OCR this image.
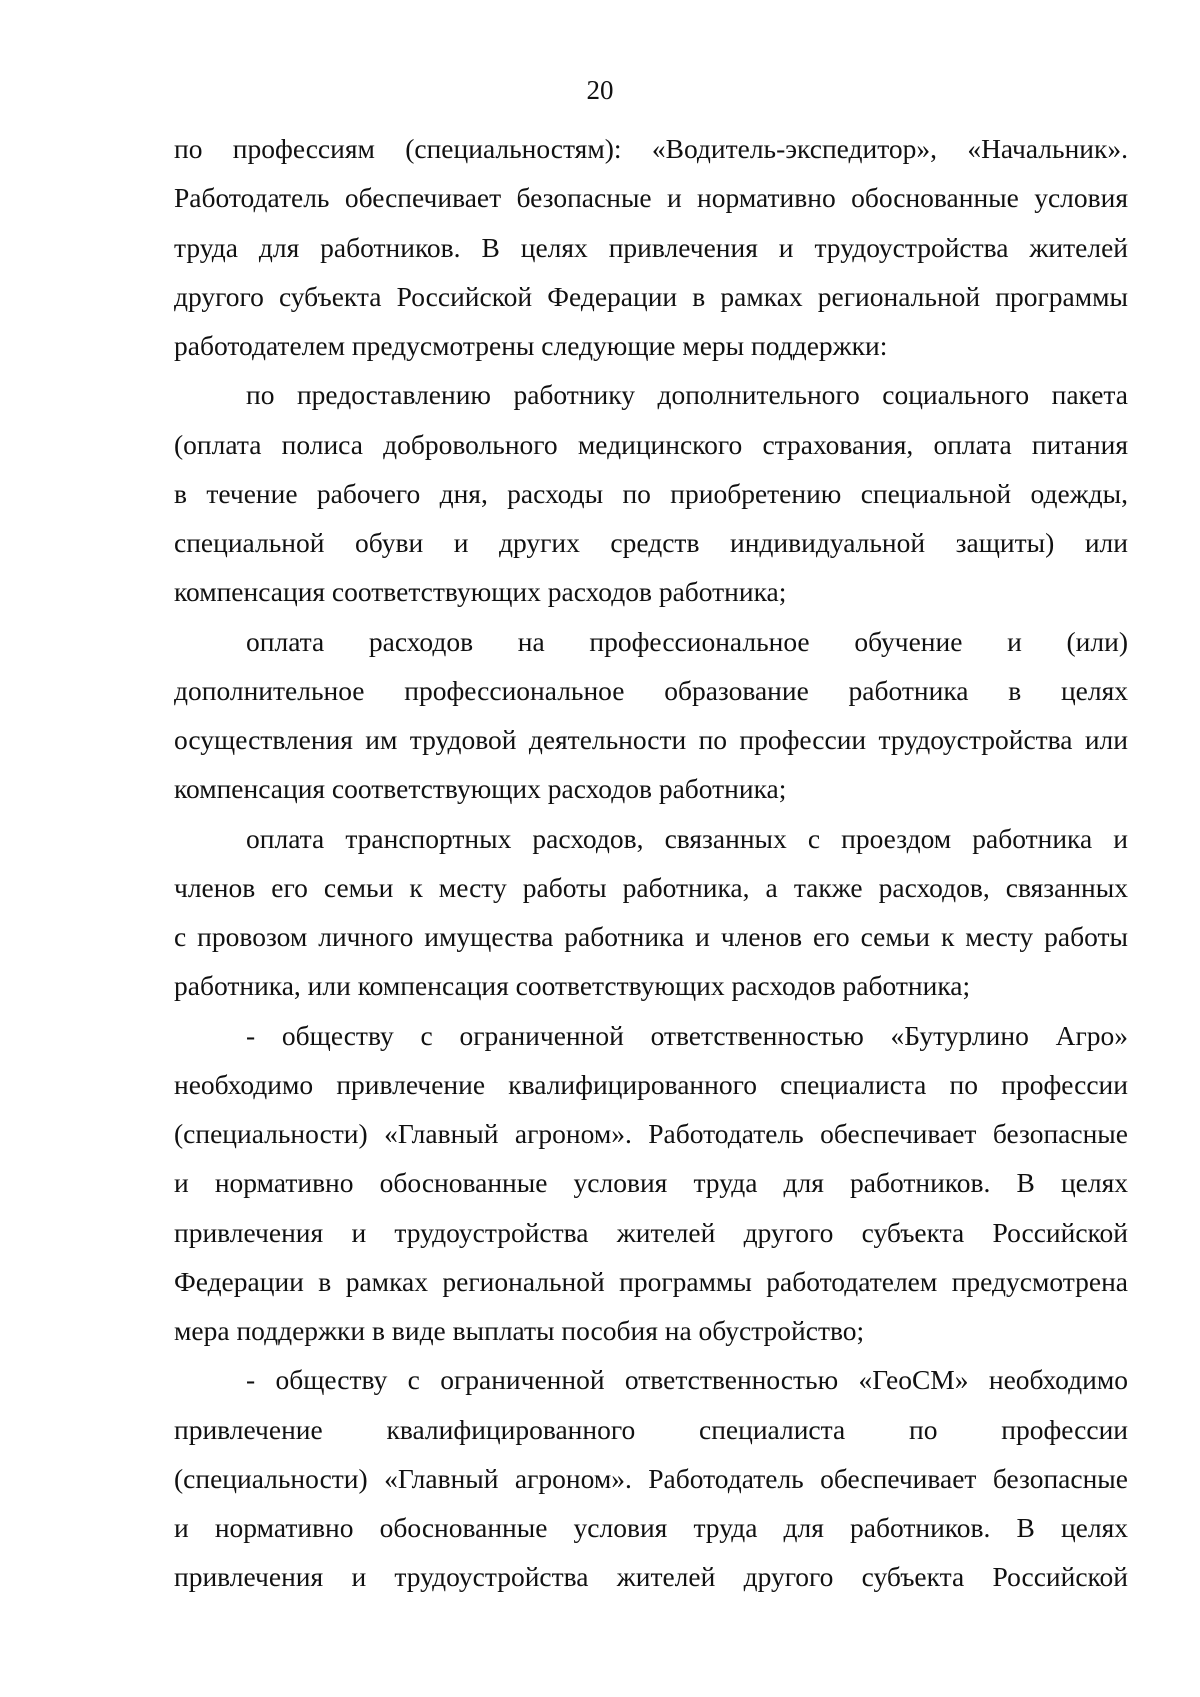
20
по профессиям (специальностям): «Водитель-экспедитор», «Начальник».
Работодатель обеспечивает безопасные и нормативно обоснованные условия
труда для работников. В целях привлечения и трудоустройства жителей
другого субъекта Российской Федерации в рамках региональной программы
работодателем предусмотрены следующие меры поддержки:
по предоставлению работнику дополнительного социального пакета
(оплата полиса добровольного медицинского страхования, оплата питания
в течение рабочего дня, расходы по приобретению специальной одежды,
специальной обуви и других средств индивидуальной защиты) или
компенсация соответствующих расходов работника;
оплата расходов на профессиональное обучение и (или)
дополнительное профессиональное образование работника в целях
осуществления им трудовой деятельности по профессии трудоустройства или
компенсация соответствующих расходов работника;
оплата транспортных расходов, связанных с проездом работника и
членов его семьи к месту работы работника, а также расходов, связанных
с провозом личного имущества работника и членов его семьи к месту работы
работника, или компенсация соответствующих расходов работника;
- обществу с ограниченной ответственностью «Бутурлино Агро»
необходимо привлечение квалифицированного специалиста по профессии
(специальности) «Главный агроном». Работодатель обеспечивает безопасные
и нормативно обоснованные условия труда для работников. В целях
привлечения и трудоустройства жителей другого субъекта Российской
Федерации в рамках региональной программы работодателем предусмотрена
мера поддержки в виде выплаты пособия на обустройство;
- обществу с ограниченной ответственностью «ГеоСМ» необходимо
привлечение квалифицированного специалиста по профессии
(специальности) «Главный агроном». Работодатель обеспечивает безопасные
и нормативно обоснованные условия труда для работников. В целях
привлечения и трудоустройства жителей другого субъекта Российской
